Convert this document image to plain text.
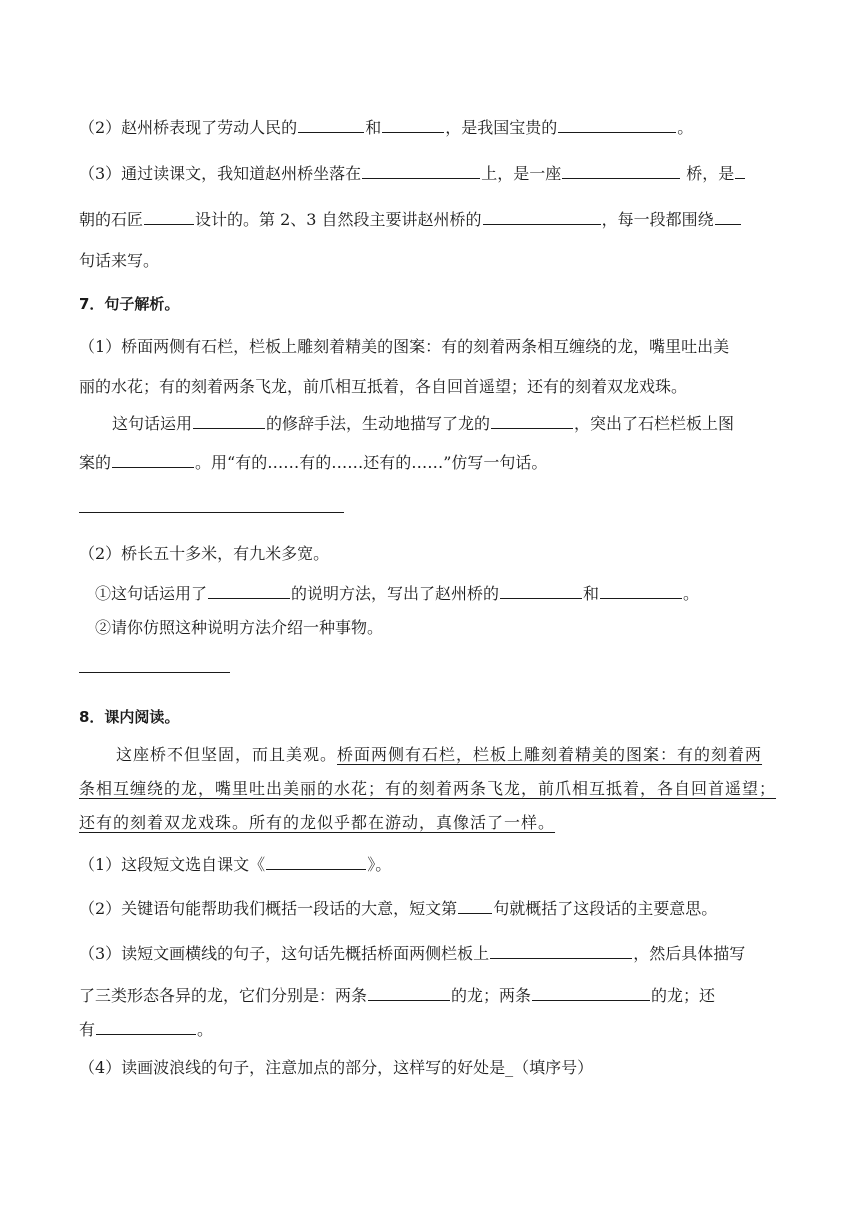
（2）赵州桥表现了劳动人民的	和	，是我国宝贵的	。
（3）通过读课文，我知道赵州桥坐落在	上，是一座	桥，是
朝的石匠	设计的。第 2、3 自然段主要讲赵州桥的	，每一段都围绕
句话来写。
7．句子解析。
（1）桥面两侧有石栏，栏板上雕刻着精美的图案：有的刻着两条相互缠绕的龙，嘴里吐出美
丽的水花；有的刻着两条飞龙，前爪相互抵着，各自回首遥望；还有的刻着双龙戏珠。
这句话运用	的修辞手法，生动地描写了龙的	，突出了石栏栏板上图
案的	。用“有的……有的……还有的……”仿写一句话。
（2）桥长五十多米，有九米多宽。
①这句话运用了	的说明方法，写出了赵州桥的	和	。
②请你仿照这种说明方法介绍一种事物。
8．课内阅读。
这座桥不但坚固，而且美观。桥面两侧有石栏，栏板上雕刻着精美的图案：有的刻着两
条相互缠绕的龙，嘴里吐出美丽的水花；有的刻着两条飞龙，前爪相互抵着，各自回首遥望；
还有的刻着双龙戏珠。所有的龙似乎都在游动，真像活了一样。
（1）这段短文选自课文《	》。
（2）关键语句能帮助我们概括一段话的大意，短文第 句就概括了这段话的主要意思。
（3）读短文画横线的句子，这句话先概括桥面两侧栏板上	，然后具体描写
了三类形态各异的龙，它们分别是：两条	的龙；两条	的龙；还
有	。
（4）读画波浪线的句子，注意加点的部分，这样写的好处是_（填序号）
